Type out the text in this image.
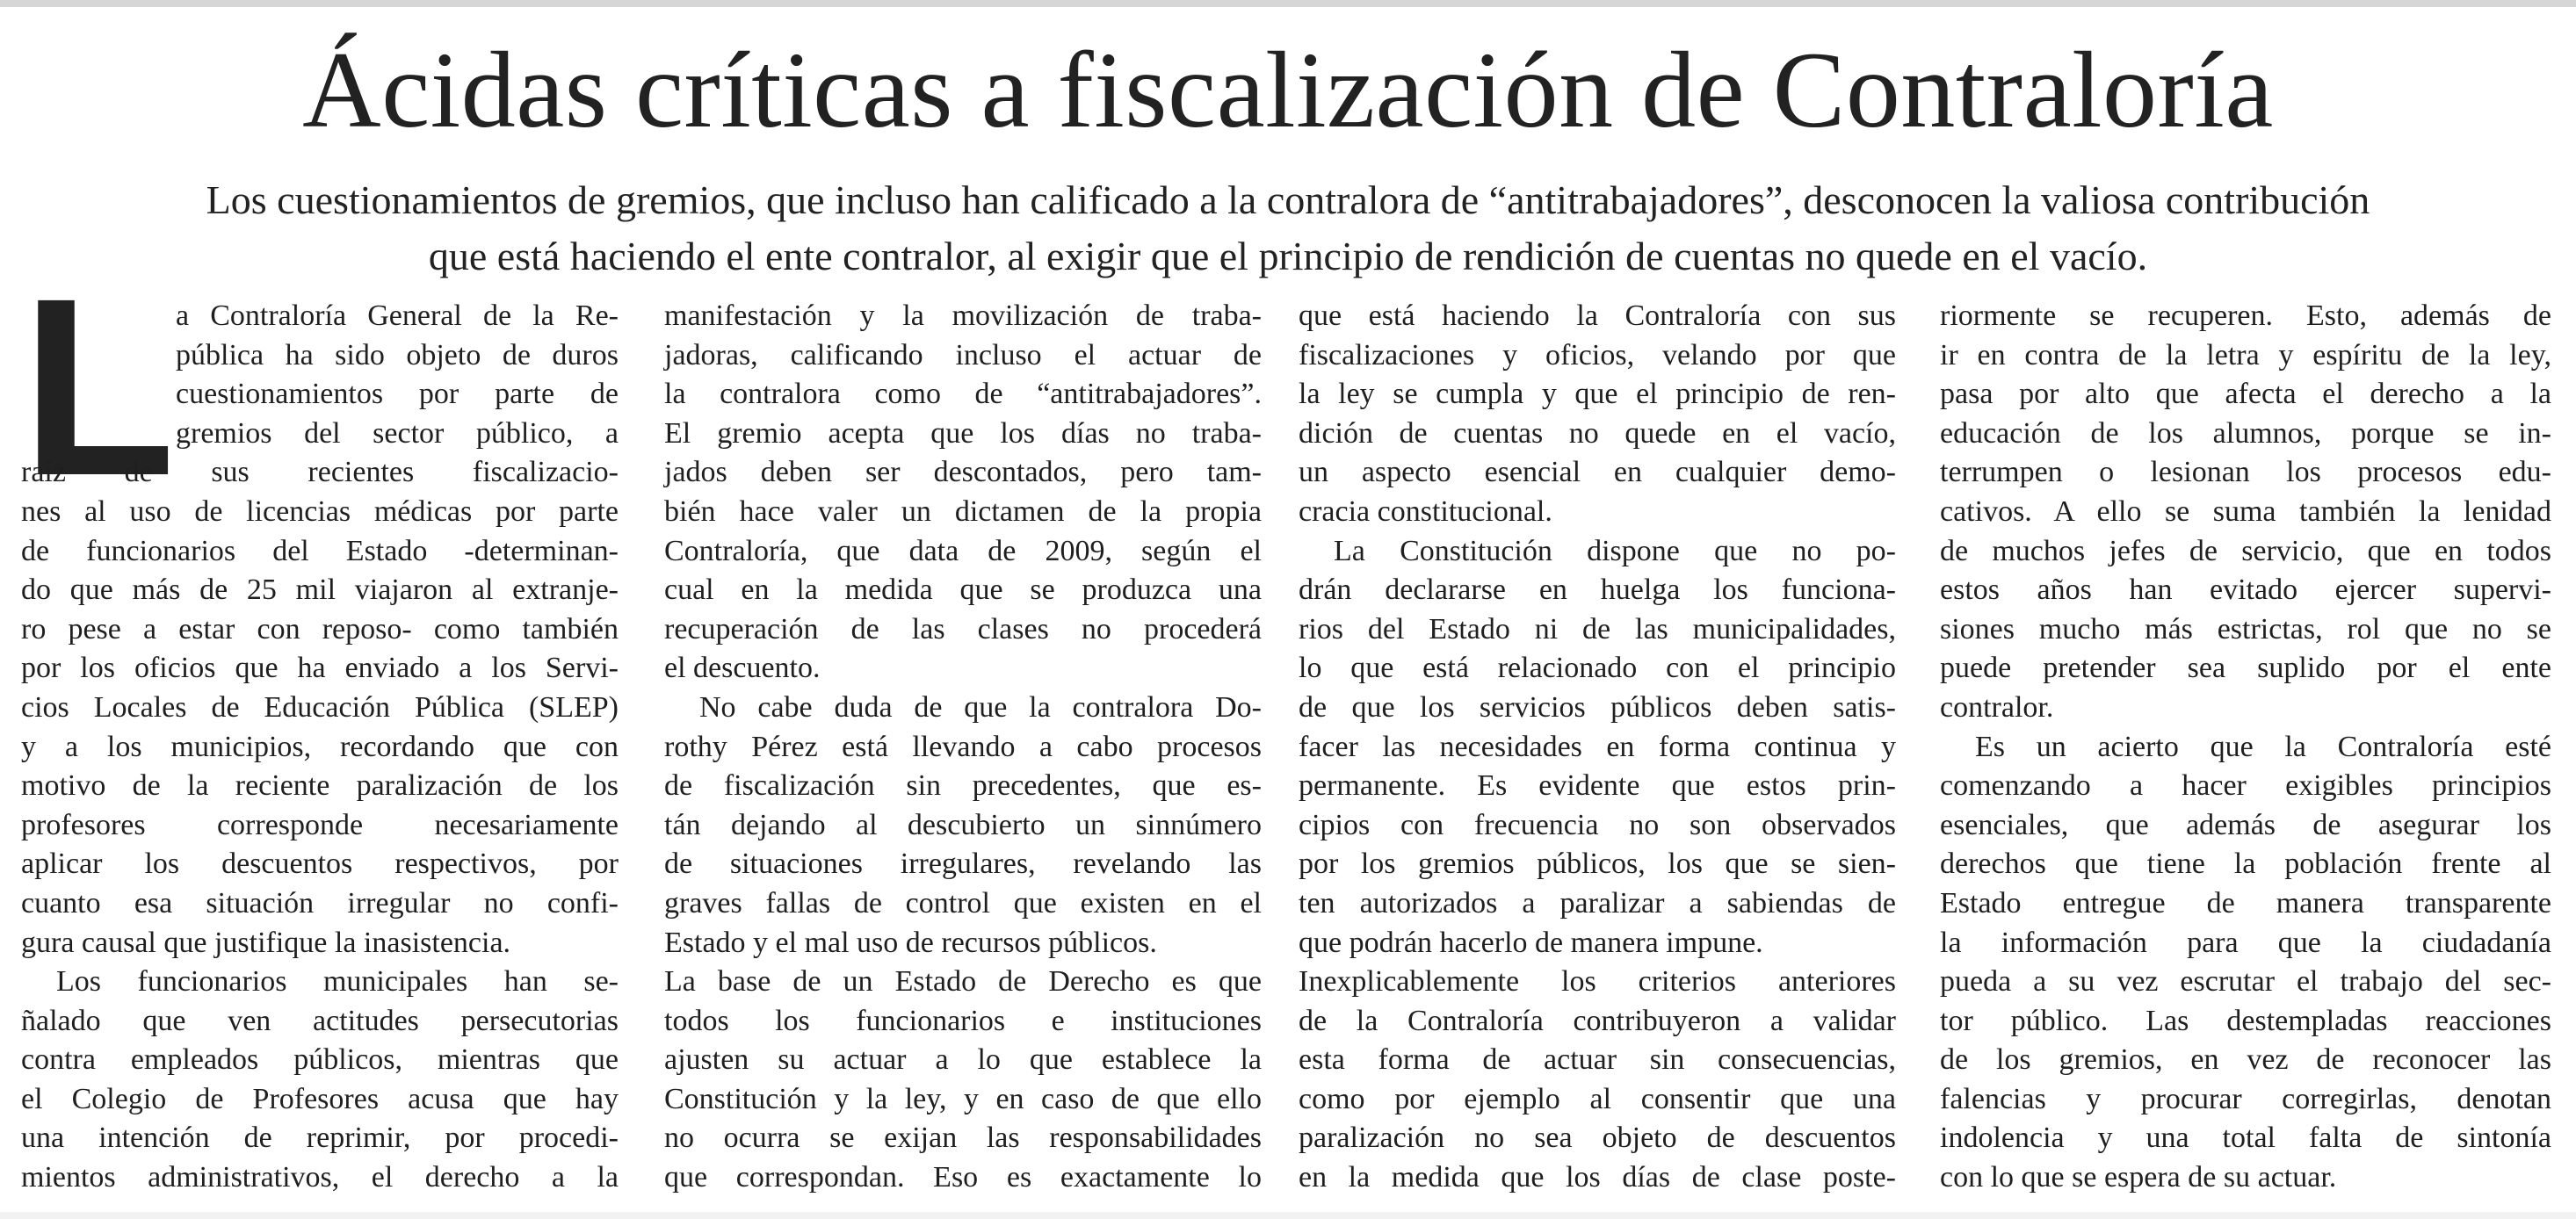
Ácidas críticas a fiscalización de Contraloría
Los cuestionamientos de gremios, que incluso han calificado a la contralora de “antitrabajadores”, desconocen la valiosa contribución
que está haciendo el ente contralor, al exigir que el principio de rendición de cuentas no quede en el vacío.
L a Contraloría General de la Re-
pública ha sido objeto de duros
cuestionamientos por parte de
gremios del sector público, a
raíz de sus recientes fiscalizacio-
nes al uso de licencias médicas por parte
de funcionarios del Estado -determinan-
do que más de 25 mil viajaron al extranje-
ro pese a estar con reposo- como también
por los oficios que ha enviado a los Servi-
cios Locales de Educación Pública (SLEP)
y a los municipios, recordando que con
motivo de la reciente paralización de los
profesores corresponde necesariamente
aplicar los descuentos respectivos, por
cuanto esa situación irregular no confi-
gura causal que justifique la inasistencia.
Los funcionarios municipales han se-
ñalado que ven actitudes persecutorias
contra empleados públicos, mientras que
el Colegio de Profesores acusa que hay
una intención de reprimir, por procedi-
mientos administrativos, el derecho a la
manifestación y la movilización de traba-
jadoras, calificando incluso el actuar de
la contralora como de “antitrabajadores”.
El gremio acepta que los días no traba-
jados deben ser descontados, pero tam-
bién hace valer un dictamen de la propia
Contraloría, que data de 2009, según el
cual en la medida que se produzca una
recuperación de las clases no procederá
el descuento.
No cabe duda de que la contralora Do-
rothy Pérez está llevando a cabo procesos
de fiscalización sin precedentes, que es-
tán dejando al descubierto un sinnúmero
de situaciones irregulares, revelando las
graves fallas de control que existen en el
Estado y el mal uso de recursos públicos.
La base de un Estado de Derecho es que
todos los funcionarios e instituciones
ajusten su actuar a lo que establece la
Constitución y la ley, y en caso de que ello
no ocurra se exijan las responsabilidades
que correspondan. Eso es exactamente lo
que está haciendo la Contraloría con sus
fiscalizaciones y oficios, velando por que
la ley se cumpla y que el principio de ren-
dición de cuentas no quede en el vacío,
un aspecto esencial en cualquier demo-
cracia constitucional.
La Constitución dispone que no po-
drán declararse en huelga los funciona-
rios del Estado ni de las municipalidades,
lo que está relacionado con el principio
de que los servicios públicos deben satis-
facer las necesidades en forma continua y
permanente. Es evidente que estos prin-
cipios con frecuencia no son observados
por los gremios públicos, los que se sien-
ten autorizados a paralizar a sabiendas de
que podrán hacerlo de manera impune.
Inexplicablemente los criterios anteriores
de la Contraloría contribuyeron a validar
esta forma de actuar sin consecuencias,
como por ejemplo al consentir que una
paralización no sea objeto de descuentos
en la medida que los días de clase poste-
riormente se recuperen. Esto, además de
ir en contra de la letra y espíritu de la ley,
pasa por alto que afecta el derecho a la
educación de los alumnos, porque se in-
terrumpen o lesionan los procesos edu-
cativos. A ello se suma también la lenidad
de muchos jefes de servicio, que en todos
estos años han evitado ejercer supervi-
siones mucho más estrictas, rol que no se
puede pretender sea suplido por el ente
contralor.
Es un acierto que la Contraloría esté
comenzando a hacer exigibles principios
esenciales, que además de asegurar los
derechos que tiene la población frente al
Estado entregue de manera transparente
la información para que la ciudadanía
pueda a su vez escrutar el trabajo del sec-
tor público. Las destempladas reacciones
de los gremios, en vez de reconocer las
falencias y procurar corregirlas, denotan
indolencia y una total falta de sintonía
con lo que se espera de su actuar.
